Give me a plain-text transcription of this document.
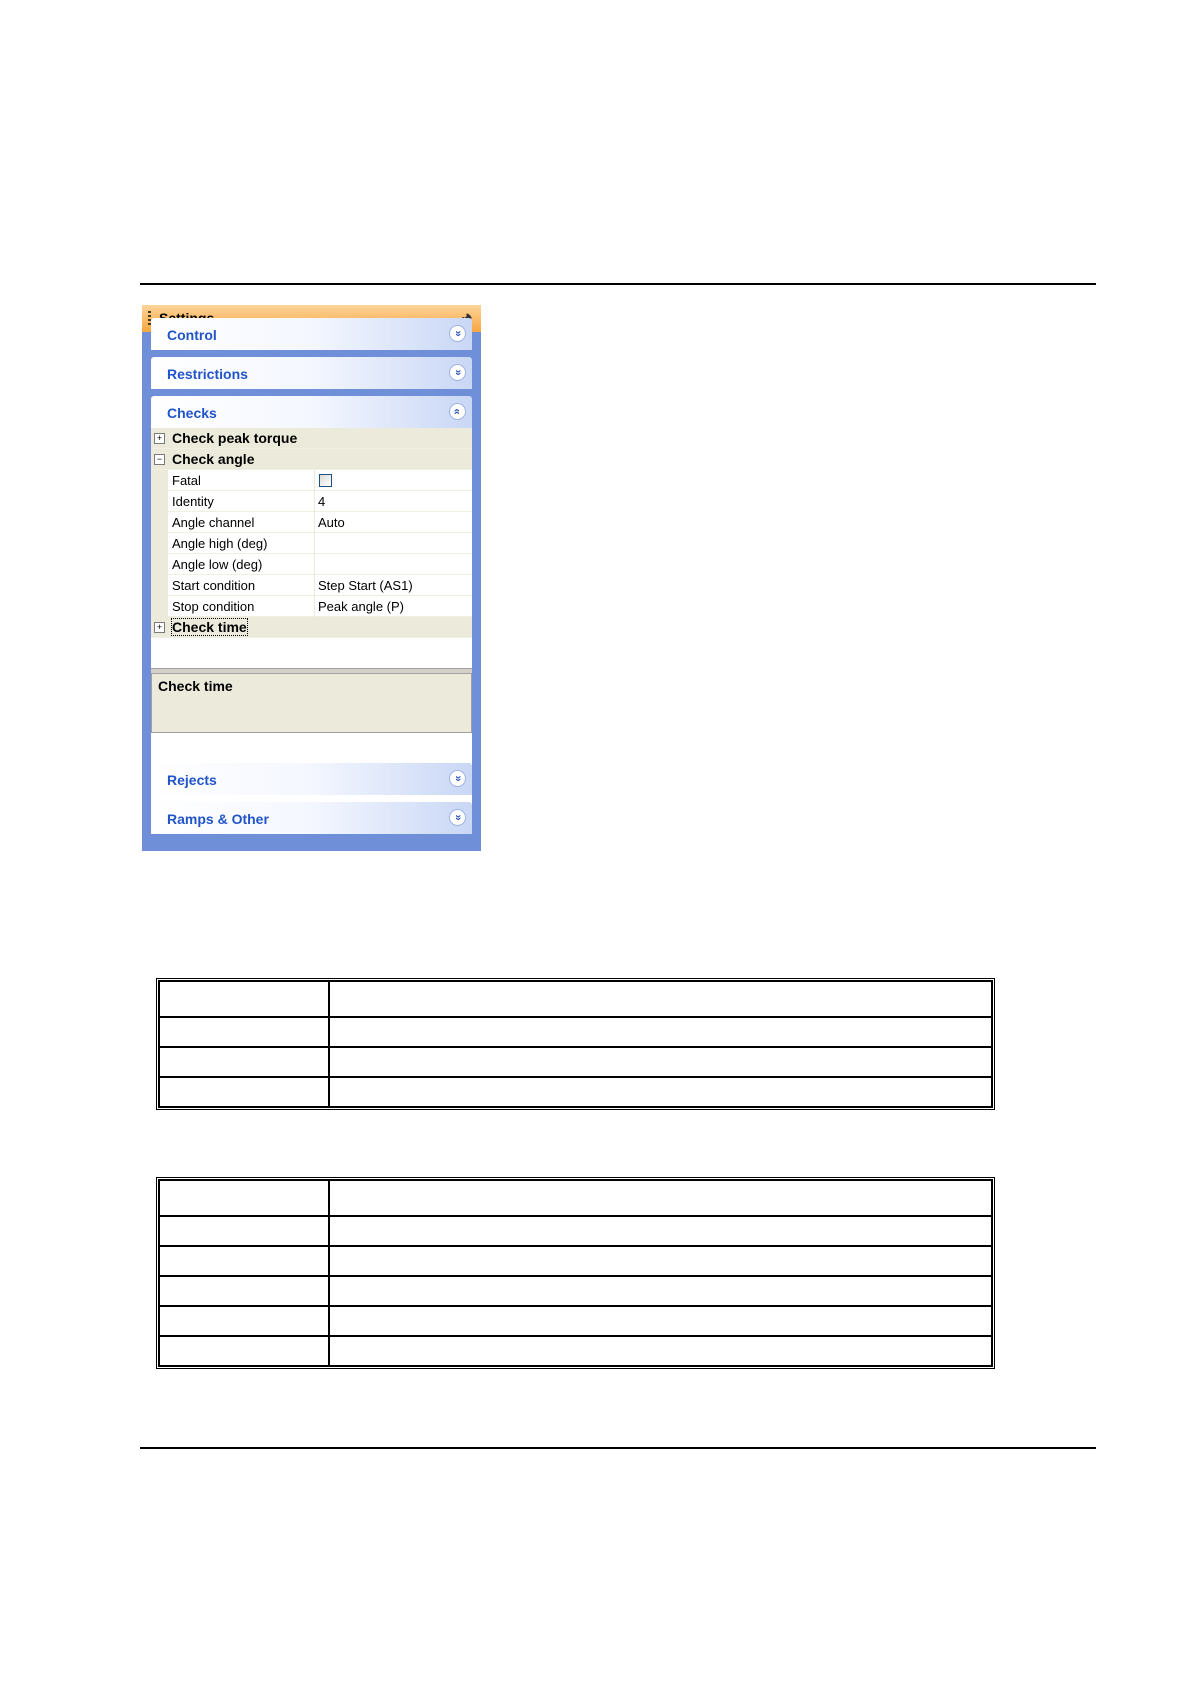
Control	»
Restrictions	»
Checks	»
+ Check peak torque
− Check angle
Fatal
Identity	4
Angle channel	Auto
Angle high (deg)
Angle low (deg)
Start condition	Step Start (AS1)
Stop condition	Peak angle (P)
+ Check time
Check time
Rejects	»
Ramps & Other	»
